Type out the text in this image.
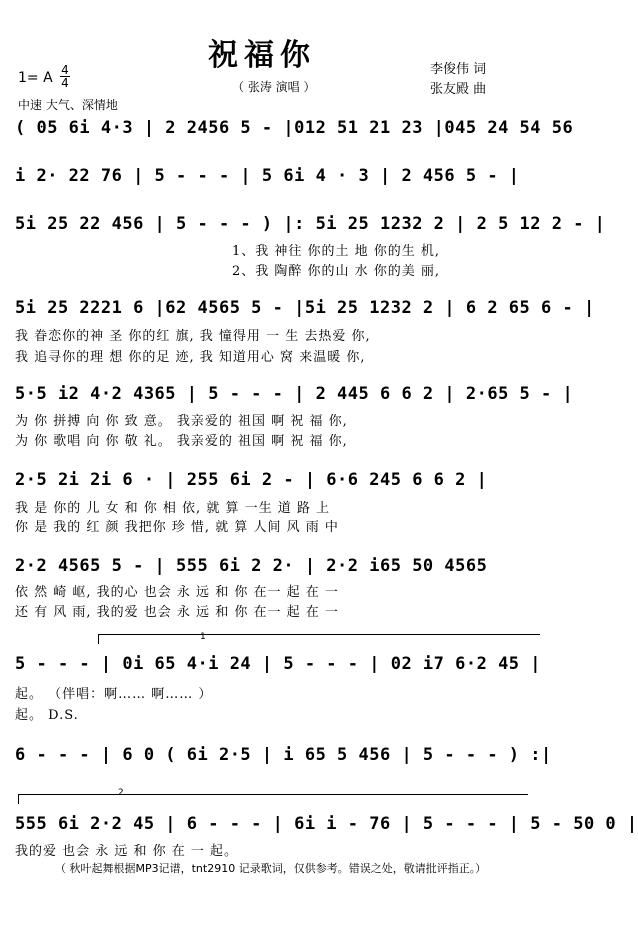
祝福你
（ 张涛 演唱 ）
李俊伟 词
张友殿 曲
1= A 4
4
中速 大气、深情地
( 05 6i 4·3 | 2 2456 5 - |012 51 21 23 |045 24 54 56
i 2· 22 76 | 5 - - - | 5 6i 4 · 3 | 2 456 5 - |
5i 25 22 456 | 5 - - - ) |: 5i 25 1232 2 | 2 5 12 2 - |
1、我 神往 你的土 地 你的生 机,
2、我 陶醉 你的山 水 你的美 丽,
5i 25 2221 6 |62 4565 5 - |5i 25 1232 2 | 6 2 65 6 - |
我 眷恋你的神 圣 你的红 旗, 我 憧得用 一 生 去热爱 你,
我 追寻你的理 想 你的足 迹, 我 知道用心 窝 来温暖 你,
5·5 i2 4·2 4365 | 5 - - - | 2 445 6 6 2 | 2·65 5 - |
为 你 拼搏 向 你 致 意。 我亲爱的 祖国 啊 祝 福 你,
为 你 歌唱 向 你 敬 礼。 我亲爱的 祖国 啊 祝 福 你,
2·5 2i 2i 6 · | 255 6i 2 - | 6·6 245 6 6 2 |
我 是 你的 儿 女 和 你 相 依, 就 算 一生 道 路 上
你 是 我的 红 颜 我把你 珍 惜, 就 算 人间 风 雨 中
2·2 4565 5 - | 555 6i 2 2· | 2·2 i65 50 4565
依 然 崎 岖, 我的心 也会 永 远 和 你 在一 起 在 一
还 有 风 雨, 我的爱 也会 永 远 和 你 在一 起 在 一
1
5 - - - | 0i 65 4·i 24 | 5 - - - | 02 i7 6·2 45 |
起。 （伴唱：啊…… 啊…… ）
起。 D.S.
6 - - - | 6 0 ( 6i 2·5 | i 65 5 456 | 5 - - - ) :|
2
555 6i 2·2 45 | 6 - - - | 6i i - 76 | 5 - - - | 5 - 50 0 |
我的爱 也会 永 远 和 你 在 一 起。
（ 秋叶起舞根据MP3记谱，tnt2910 记录歌词，仅供参考。错误之处，敬请批评指正。）
